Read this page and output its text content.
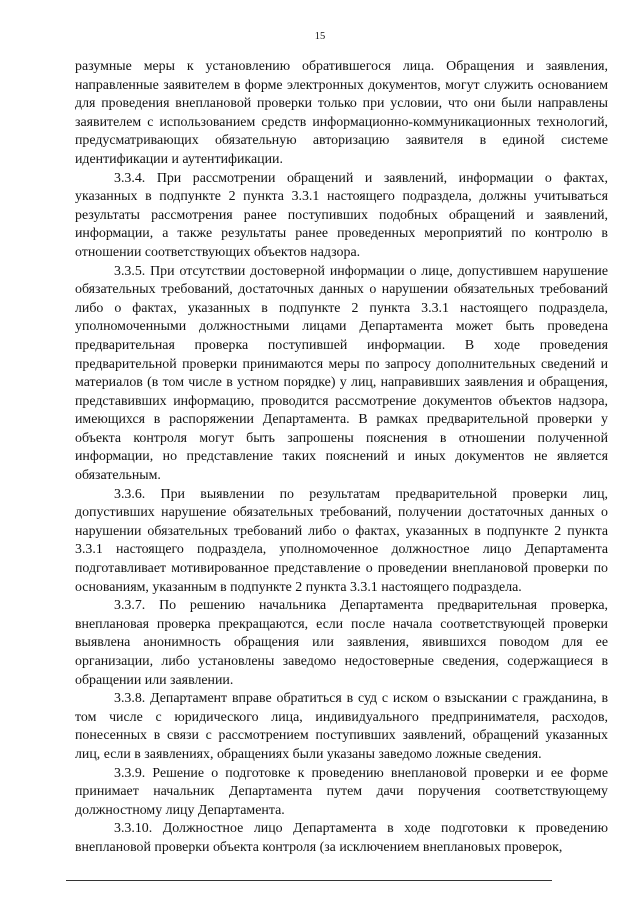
15

разумные меры к установлению обратившегося лица. Обращения и заявления, направленные заявителем в форме электронных документов, могут служить основанием для проведения внеплановой проверки только при условии, что они были направлены заявителем с использованием средств информационно-коммуникационных технологий, предусматривающих обязательную авторизацию заявителя в единой системе идентификации и аутентификации.

3.3.4. При рассмотрении обращений и заявлений, информации о фактах, указанных в подпункте 2 пункта 3.3.1 настоящего подраздела, должны учитываться результаты рассмотрения ранее поступивших подобных обращений и заявлений, информации, а также результаты ранее проведенных мероприятий по контролю в отношении соответствующих объектов надзора.

3.3.5. При отсутствии достоверной информации о лице, допустившем нарушение обязательных требований, достаточных данных о нарушении обязательных требований либо о фактах, указанных в подпункте 2 пункта 3.3.1 настоящего подраздела, уполномоченными должностными лицами Департамента может быть проведена предварительная проверка поступившей информации. В ходе проведения предварительной проверки принимаются меры по запросу дополнительных сведений и материалов (в том числе в устном порядке) у лиц, направивших заявления и обращения, представивших информацию, проводится рассмотрение документов объектов надзора, имеющихся в распоряжении Департамента. В рамках предварительной проверки у объекта контроля могут быть запрошены пояснения в отношении полученной информации, но представление таких пояснений и иных документов не является обязательным.

3.3.6. При выявлении по результатам предварительной проверки лиц, допустивших нарушение обязательных требований, получении достаточных данных о нарушении обязательных требований либо о фактах, указанных в подпункте 2 пункта 3.3.1 настоящего подраздела, уполномоченное должностное лицо Департамента подготавливает мотивированное представление о проведении внеплановой проверки по основаниям, указанным в подпункте 2 пункта 3.3.1 настоящего подраздела.

3.3.7. По решению начальника Департамента предварительная проверка, внеплановая проверка прекращаются, если после начала соответствующей проверки выявлена анонимность обращения или заявления, явившихся поводом для ее организации, либо установлены заведомо недостоверные сведения, содержащиеся в обращении или заявлении.

3.3.8. Департамент вправе обратиться в суд с иском о взыскании с гражданина, в том числе с юридического лица, индивидуального предпринимателя, расходов, понесенных в связи с рассмотрением поступивших заявлений, обращений указанных лиц, если в заявлениях, обращениях были указаны заведомо ложные сведения.

3.3.9. Решение о подготовке к проведению внеплановой проверки и ее форме принимает начальник Департамента путем дачи поручения соответствующему должностному лицу Департамента.

3.3.10. Должностное лицо Департамента в ходе подготовки к проведению внеплановой проверки объекта контроля (за исключением внеплановых проверок,
